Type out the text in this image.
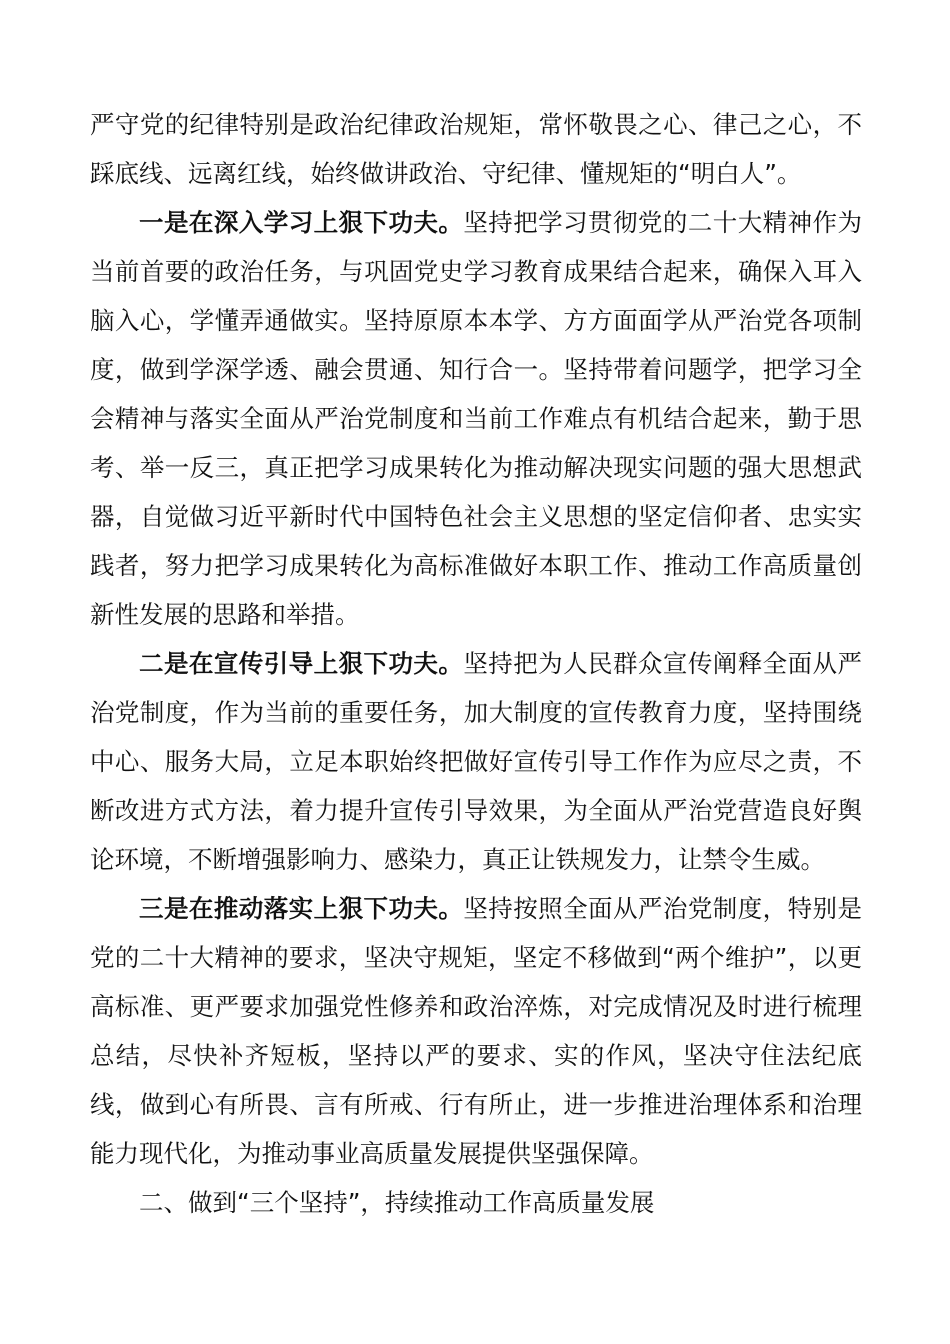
严守党的纪律特别是政治纪律政治规矩，常怀敬畏之心、律己之心，不踩底线、远离红线，始终做讲政治、守纪律、懂规矩的“明白人”。

一是在深入学习上狠下功夫。坚持把学习贯彻党的二十大精神作为当前首要的政治任务，与巩固党史学习教育成果结合起来，确保入耳入脑入心，学懂弄通做实。坚持原原本本学、方方面面学从严治党各项制度，做到学深学透、融会贯通、知行合一。坚持带着问题学，把学习全会精神与落实全面从严治党制度和当前工作难点有机结合起来，勤于思考、举一反三，真正把学习成果转化为推动解决现实问题的强大思想武器，自觉做习近平新时代中国特色社会主义思想的坚定信仰者、忠实实践者，努力把学习成果转化为高标准做好本职工作、推动工作高质量创新性发展的思路和举措。

二是在宣传引导上狠下功夫。坚持把为人民群众宣传阐释全面从严治党制度，作为当前的重要任务，加大制度的宣传教育力度，坚持围绕中心、服务大局，立足本职始终把做好宣传引导工作作为应尽之责，不断改进方式方法，着力提升宣传引导效果，为全面从严治党营造良好舆论环境，不断增强影响力、感染力，真正让铁规发力，让禁令生威。

三是在推动落实上狠下功夫。坚持按照全面从严治党制度，特别是党的二十大精神的要求，坚决守规矩，坚定不移做到“两个维护”，以更高标准、更严要求加强党性修养和政治淬炼，对完成情况及时进行梳理总结，尽快补齐短板，坚持以严的要求、实的作风，坚决守住法纪底线，做到心有所畏、言有所戒、行有所止，进一步推进治理体系和治理能力现代化，为推动事业高质量发展提供坚强保障。

二、做到“三个坚持”，持续推动工作高质量发展
